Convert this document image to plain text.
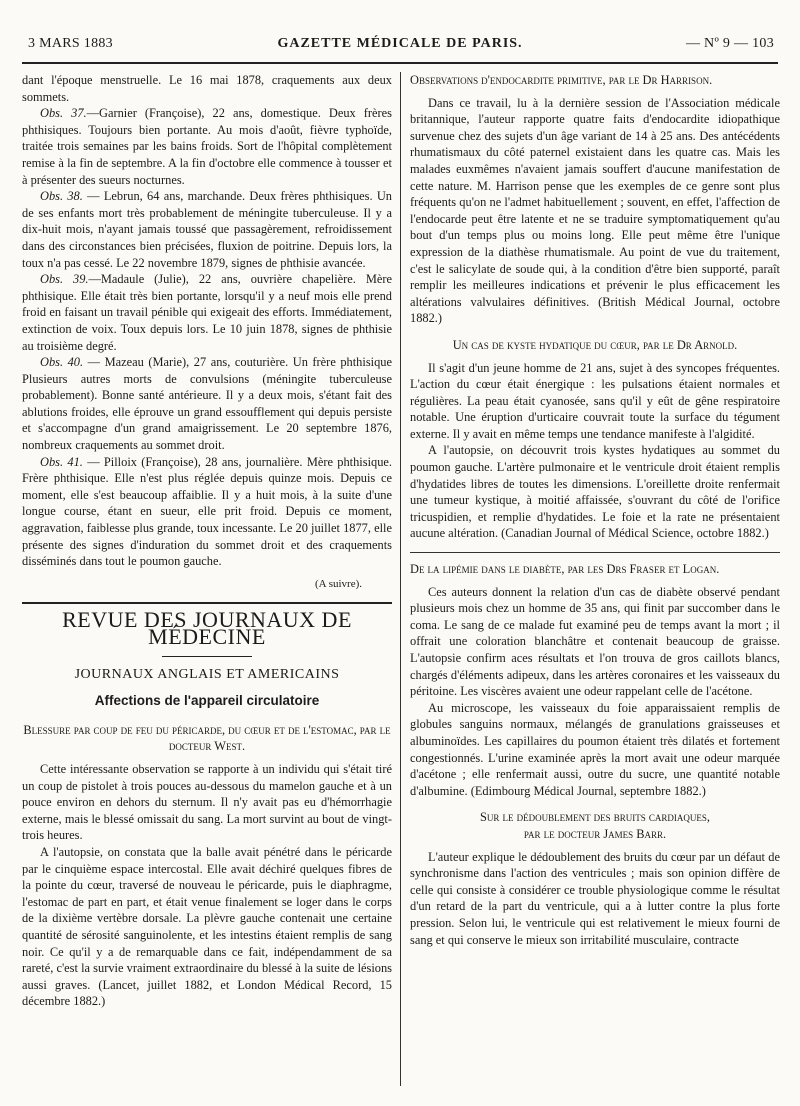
3 MARS 1883	GAZETTE MÉDICALE DE PARIS.	— Nº 9 — 103

dant l'époque menstruelle. Le 16 mai 1878, craquements aux deux sommets.

Obs. 37.—Garnier (Françoise), 22 ans, domestique. Deux frères phthisiques. Toujours bien portante. Au mois d'août, fièvre typhoïde, traitée trois semaines par les bains froids. Sort de l'hôpital complètement remise à la fin de septembre. A la fin d'octobre elle commence à tousser et à présenter des sueurs nocturnes.

Obs. 38. — Lebrun, 64 ans, marchande. Deux frères phthisiques. Un de ses enfants mort très probablement de méningite tuberculeuse. Il y a dix-huit mois, n'ayant jamais toussé que passagèrement, refroidissement dans des circonstances bien précisées, fluxion de poitrine. Depuis lors, la toux n'a pas cessé. Le 22 novembre 1879, signes de phthisie avancée.

Obs. 39.—Madaule (Julie), 22 ans, ouvrière chapelière. Mère phthisique. Elle était très bien portante, lorsqu'il y a neuf mois elle prend froid en faisant un travail pénible qui exigeait des efforts. Immédiatement, extinction de voix. Toux depuis lors. Le 10 juin 1878, signes de phthisie au troisième degré.

Obs. 40. — Mazeau (Marie), 27 ans, couturière. Un frère phthisique Plusieurs autres morts de convulsions (méningite tuberculeuse probablement). Bonne santé antérieure. Il y a deux mois, s'étant fait des ablutions froides, elle éprouve un grand essoufflement qui depuis persiste et s'accompagne d'un grand amaigrissement. Le 20 septembre 1876, nombreux craquements au sommet droit.

Obs. 41. — Pilloix (Françoise), 28 ans, journalière. Mère phthisique. Frère phthisique. Elle n'est plus réglée depuis quinze mois. Depuis ce moment, elle s'est beaucoup affaiblie. Il y a huit mois, à la suite d'une longue course, étant en sueur, elle prit froid. Depuis ce moment, aggravation, faiblesse plus grande, toux incessante. Le 20 juillet 1877, elle présente des signes d'induration du sommet droit et des craquements disséminés dans tout le poumon gauche.

(A suivre).

REVUE DES JOURNAUX DE MÉDECINE
JOURNAUX ANGLAIS ET AMERICAINS
Affections de l'appareil circulatoire
Blessure par coup de feu du péricarde, du cœur et de l'estomac, par le docteur West.

Cette intéressante observation se rapporte à un individu qui s'était tiré un coup de pistolet à trois pouces au-dessous du mamelon gauche et à un pouce environ en dehors du sternum. Il n'y avait pas eu d'hémorrhagie externe, mais le blessé omissait du sang. La mort survint au bout de vingt-trois heures.

A l'autopsie, on constata que la balle avait pénétré dans le péricarde par le cinquième espace intercostal. Elle avait déchiré quelques fibres de la pointe du cœur, traversé de nouveau le péricarde, puis le diaphragme, l'estomac de part en part, et était venue finalement se loger dans le corps de la dixième vertèbre dorsale. La plèvre gauche contenait une certaine quantité de sérosité sanguinolente, et les intestins étaient remplis de sang noir. Ce qu'il y a de remarquable dans ce fait, indépendamment de sa rareté, c'est la survie vraiment extraordinaire du blessé à la suite de lésions aussi graves. (Lancet, juillet 1882, et London Médical Record, 15 décembre 1882.)

Observations d'endocardite primitive, par le Dr Harrison.

Dans ce travail, lu à la dernière session de l'Association médicale britannique, l'auteur rapporte quatre faits d'endocardite idiopathique survenue chez des sujets d'un âge variant de 14 à 25 ans. Des antécédents rhumatismaux du côté paternel existaient dans les quatre cas. Mais les malades euxmêmes n'avaient jamais souffert d'aucune manifestation de cette nature. M. Harrison pense que les exemples de ce genre sont plus fréquents qu'on ne l'admet habituellement ; souvent, en effet, l'affection de l'endocarde peut être latente et ne se traduire symptomatiquement qu'au bout d'un temps plus ou moins long. Elle peut même être l'unique expression de la diathèse rhumatismale. Au point de vue du traitement, c'est le salicylate de soude qui, à la condition d'être bien supporté, paraît remplir les meilleures indications et prévenir le plus efficacement les altérations valvulaires définitives. (British Médical Journal, octobre 1882.)

Un cas de kyste hydatique du cœur, par le Dr Arnold.

Il s'agit d'un jeune homme de 21 ans, sujet à des syncopes fréquentes. L'action du cœur était énergique : les pulsations étaient normales et régulières. La peau était cyanosée, sans qu'il y eût de gêne respiratoire notable. Une éruption d'urticaire couvrait toute la surface du tégument externe. Il y avait en même temps une tendance manifeste à l'algidité.

A l'autopsie, on découvrit trois kystes hydatiques au sommet du poumon gauche. L'artère pulmonaire et le ventricule droit étaient remplis d'hydatides libres de toutes les dimensions. L'oreillette droite renfermait une tumeur kystique, à moitié affaissée, s'ouvrant du côté de l'orifice tricuspidien, et remplie d'hydatides. Le foie et la rate ne présentaient aucune altération. (Canadian Journal of Médical Science, octobre 1882.)

De la lipémie dans le diabète, par les Drs Fraser et Logan.

Ces auteurs donnent la relation d'un cas de diabète observé pendant plusieurs mois chez un homme de 35 ans, qui finit par succomber dans le coma. Le sang de ce malade fut examiné peu de temps avant la mort ; il offrait une coloration blanchâtre et contenait beaucoup de graisse. L'autopsie confirm aces résultats et l'on trouva de gros caillots blancs, chargés d'éléments adipeux, dans les artères coronaires et les vaisseaux du péritoine. Les viscères avaient une odeur rappelant celle de l'acétone.

Au microscope, les vaisseaux du foie apparaissaient remplis de globules sanguins normaux, mélangés de granulations graisseuses et albuminoïdes. Les capillaires du poumon étaient très dilatés et fortement congestionnés. L'urine examinée après la mort avait une odeur marquée d'acétone ; elle renfermait aussi, outre du sucre, une quantité notable d'albumine. (Edimbourg Médical Journal, septembre 1882.)

Sur le dédoublement des bruits cardiaques,
par le docteur James Barr.

L'auteur explique le dédoublement des bruits du cœur par un défaut de synchronisme dans l'action des ventricules ; mais son opinion diffère de celle qui consiste à considérer ce trouble physiologique comme le résultat d'un retard de la part du ventricule, qui a à lutter contre la plus forte pression. Selon lui, le ventricule qui est relativement le mieux fourni de sang et qui conserve le mieux son irritabilité musculaire, contracte
